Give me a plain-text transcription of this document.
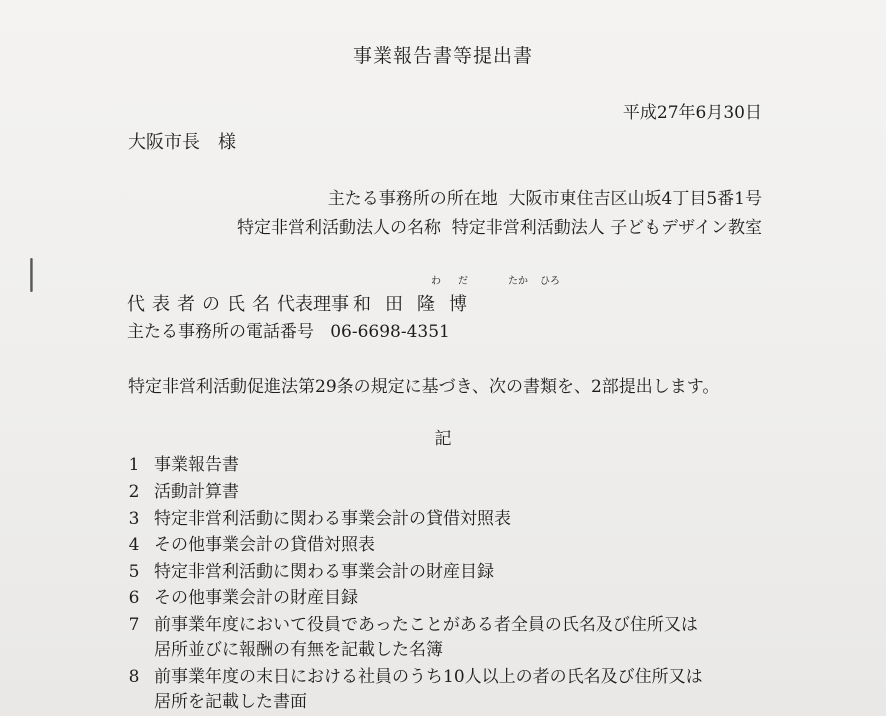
事業報告書等提出書
平成27年6月30日
大阪市長 様
主たる事務所の所在地 大阪市東住吉区山坂4丁目5番1号
特定非営利活動法人の名称 特定非営利活動法人 子どもデザイン教室
わ だ	たか ひろ
代表者の氏名代表理事 和田隆博
主たる事務所の電話番号 06-6698-4351
特定非営利活動促進法第29条の規定に基づき、次の書類を、2部提出します。
記
1 事業報告書
2 活動計算書
3 特定非営利活動に関わる事業会計の貸借対照表
4 その他事業会計の貸借対照表
5 特定非営利活動に関わる事業会計の財産目録
6 その他事業会計の財産目録
7 前事業年度において役員であったことがある者全員の氏名及び住所又は
居所並びに報酬の有無を記載した名簿
8 前事業年度の末日における社員のうち10人以上の者の氏名及び住所又は
居所を記載した書面
